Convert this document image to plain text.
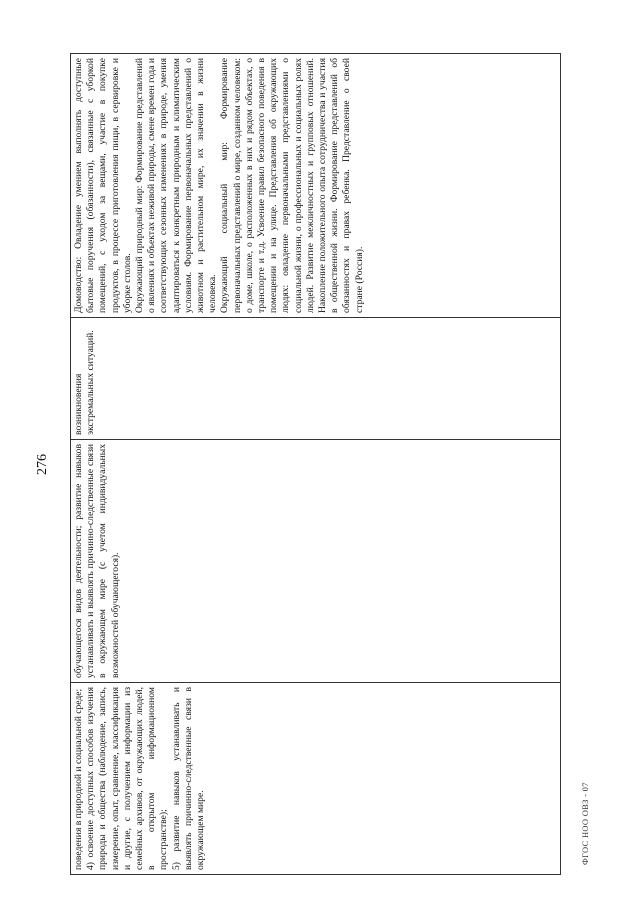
276

поведения в природной и социальной среде;
4) освоение доступных способов изучения природы и общества (наблюдение, запись, измерение, опыт, сравнение, классификация и другие, с получением информации из семейных архивов, от окружающих людей, в открытом информационном пространстве);
5) развитие навыков устанавливать и выявлять причинно-следственные связи в окружающем мире.

обучающегося видов деятельности; развитие навыков устанавливать и выявлять причинно-следственные связи в окружающем мире (с учетом индивидуальных возможностей обучающегося).

возникновения экстремальных ситуаций.

Домоводство: Овладение умением выполнять доступные бытовые поручения (обязанности), связанные с уборкой помещений, с уходом за вещами, участие в покупке продуктов, в процессе приготовления пищи, в сервировке и уборке столов.
Окружающий природный мир: Формирование представлений о явлениях и объектах неживой природы, смене времен года и соответствующих сезонных изменениях в природе, умения адаптироваться к конкретным природным и климатическим условиям. Формирование первоначальных представлений о животном и растительном мире, их значении в жизни человека.
Окружающий социальный мир: Формирование первоначальных представлений о мире, созданном человеком: о доме, школе, о расположенных в них и рядом объектах, о транспорте и т.д. Усвоение правил безопасного поведения в помещении и на улице. Представления об окружающих людях: овладение первоначальными представлениями о социальной жизни, о профессиональных и социальных ролях людей. Развитие межличностных и групповых отношений. Накопление положительного опыта сотрудничества и участия в общественной жизни. Формирование представлений об обязанностях и правах ребенка. Представление о своей стране (Россия).

ФГОС НОО ОВЗ - 07
